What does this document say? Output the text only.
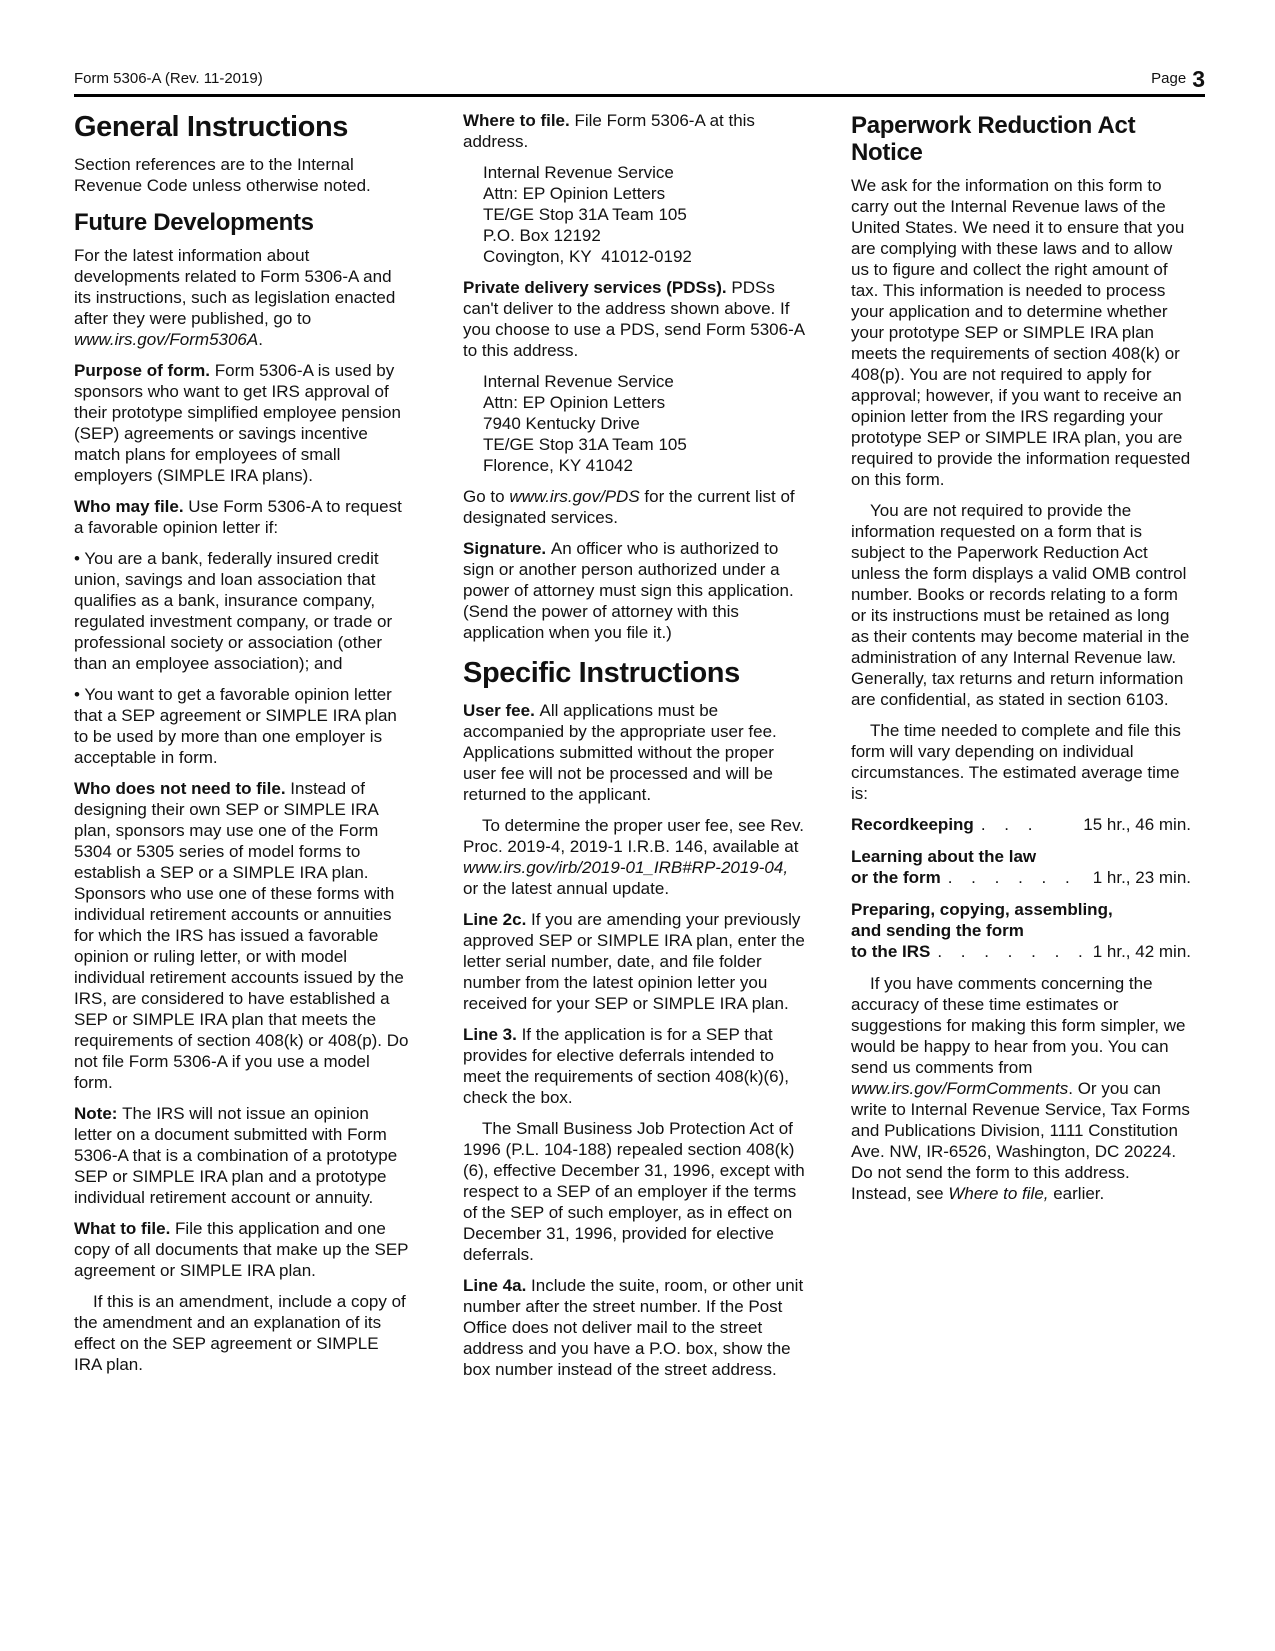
Form 5306-A (Rev. 11-2019)	Page 3
General Instructions

Section references are to the Internal Revenue Code unless otherwise noted.

Future Developments

For the latest information about developments related to Form 5306-A and its instructions, such as legislation enacted after they were published, go to www.irs.gov/Form5306A.

Purpose of form. Form 5306-A is used by sponsors who want to get IRS approval of their prototype simplified employee pension (SEP) agreements or savings incentive match plans for employees of small employers (SIMPLE IRA plans).

Who may file. Use Form 5306-A to request a favorable opinion letter if:

• You are a bank, federally insured credit union, savings and loan association that qualifies as a bank, insurance company, regulated investment company, or trade or professional society or association (other than an employee association); and

• You want to get a favorable opinion letter that a SEP agreement or SIMPLE IRA plan to be used by more than one employer is acceptable in form.

Who does not need to file. Instead of designing their own SEP or SIMPLE IRA plan, sponsors may use one of the Form 5304 or 5305 series of model forms to establish a SEP or a SIMPLE IRA plan. Sponsors who use one of these forms with individual retirement accounts or annuities for which the IRS has issued a favorable opinion or ruling letter, or with model individual retirement accounts issued by the IRS, are considered to have established a SEP or SIMPLE IRA plan that meets the requirements of section 408(k) or 408(p). Do not file Form 5306-A if you use a model form.

Note: The IRS will not issue an opinion letter on a document submitted with Form 5306-A that is a combination of a prototype SEP or SIMPLE IRA plan and a prototype individual retirement account or annuity.

What to file. File this application and one copy of all documents that make up the SEP agreement or SIMPLE IRA plan.

If this is an amendment, include a copy of the amendment and an explanation of its effect on the SEP agreement or SIMPLE IRA plan.

Where to file. File Form 5306-A at this address.

Internal Revenue Service
Attn: EP Opinion Letters
TE/GE Stop 31A Team 105
P.O. Box 12192
Covington, KY  41012-0192

Private delivery services (PDSs). PDSs can't deliver to the address shown above. If you choose to use a PDS, send Form 5306-A to this address.

Internal Revenue Service
Attn: EP Opinion Letters
7940 Kentucky Drive
TE/GE Stop 31A Team 105
Florence, KY 41042

Go to www.irs.gov/PDS for the current list of designated services.

Signature. An officer who is authorized to sign or another person authorized under a power of attorney must sign this application. (Send the power of attorney with this application when you file it.)

Specific Instructions

User fee. All applications must be accompanied by the appropriate user fee. Applications submitted without the proper user fee will not be processed and will be returned to the applicant.

To determine the proper user fee, see Rev. Proc. 2019-4, 2019-1 I.R.B. 146, available at www.irs.gov/irb/2019-01_IRB#RP-2019-04, or the latest annual update.

Line 2c. If you are amending your previously approved SEP or SIMPLE IRA plan, enter the letter serial number, date, and file folder number from the latest opinion letter you received for your SEP or SIMPLE IRA plan.

Line 3. If the application is for a SEP that provides for elective deferrals intended to meet the requirements of section 408(k)(6), check the box.

The Small Business Job Protection Act of 1996 (P.L. 104-188) repealed section 408(k)(6), effective December 31, 1996, except with respect to a SEP of an employer if the terms of the SEP of such employer, as in effect on December 31, 1996, provided for elective deferrals.

Line 4a. Include the suite, room, or other unit number after the street number. If the Post Office does not deliver mail to the street address and you have a P.O. box, show the box number instead of the street address.

Paperwork Reduction Act Notice

We ask for the information on this form to carry out the Internal Revenue laws of the United States. We need it to ensure that you are complying with these laws and to allow us to figure and collect the right amount of tax. This information is needed to process your application and to determine whether your prototype SEP or SIMPLE IRA plan meets the requirements of section 408(k) or 408(p). You are not required to apply for approval; however, if you want to receive an opinion letter from the IRS regarding your prototype SEP or SIMPLE IRA plan, you are required to provide the information requested on this form.

You are not required to provide the information requested on a form that is subject to the Paperwork Reduction Act unless the form displays a valid OMB control number. Books or records relating to a form or its instructions must be retained as long as their contents may become material in the administration of any Internal Revenue law. Generally, tax returns and return information are confidential, as stated in section 6103.

The time needed to complete and file this form will vary depending on individual circumstances. The estimated average time is:

Recordkeeping . . .	15 hr., 46 min.
Learning about the law
or the form . . . . . . 1 hr., 23 min.
Preparing, copying, assembling,
and sending the form
to the IRS . . . . . . . 1 hr., 42 min.

If you have comments concerning the accuracy of these time estimates or suggestions for making this form simpler, we would be happy to hear from you. You can send us comments from www.irs.gov/FormComments. Or you can write to Internal Revenue Service, Tax Forms and Publications Division, 1111 Constitution Ave. NW, IR-6526, Washington, DC 20224. Do not send the form to this address. Instead, see Where to file, earlier.
